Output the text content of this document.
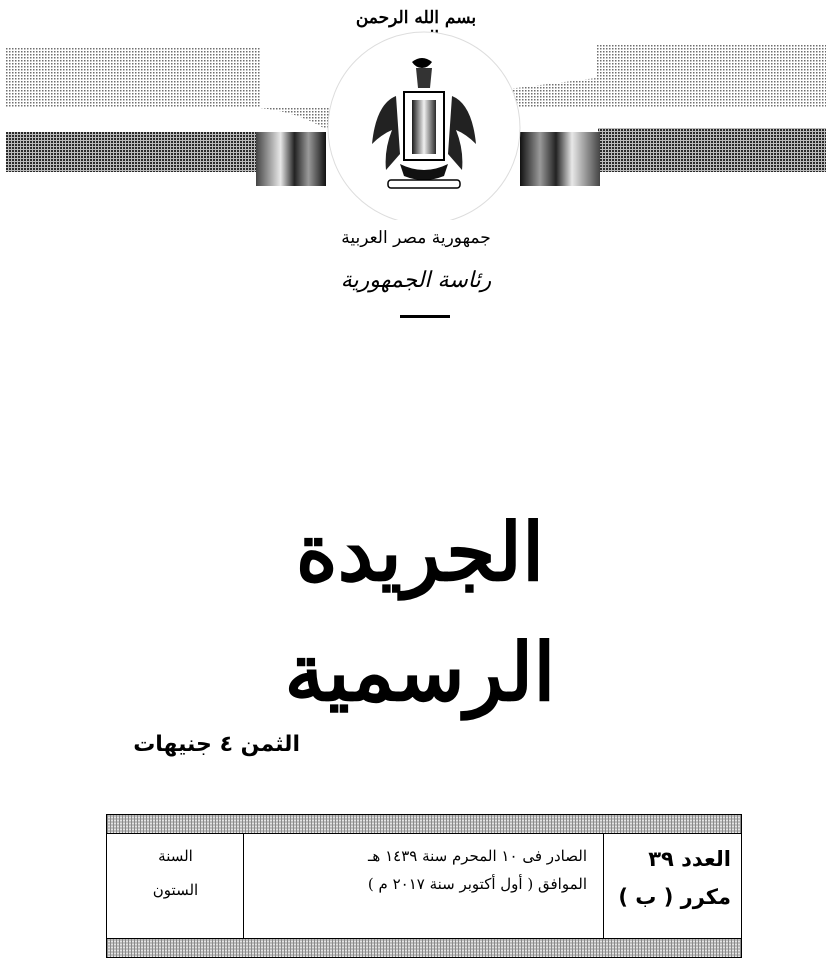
بسم الله الرحمن
جمهورية مصر العربية
رئاسة الجمهورية
الجريدة الرسمية
الثمن ٤ جنيهات
العدد ٣٩
مكرر ( ب )
الصادر فى ١٠ المحرم سنة ١٤٣٩ هـ
الموافق ( أول أكتوبر سنة ٢٠١٧ م )
السنة
الستون
